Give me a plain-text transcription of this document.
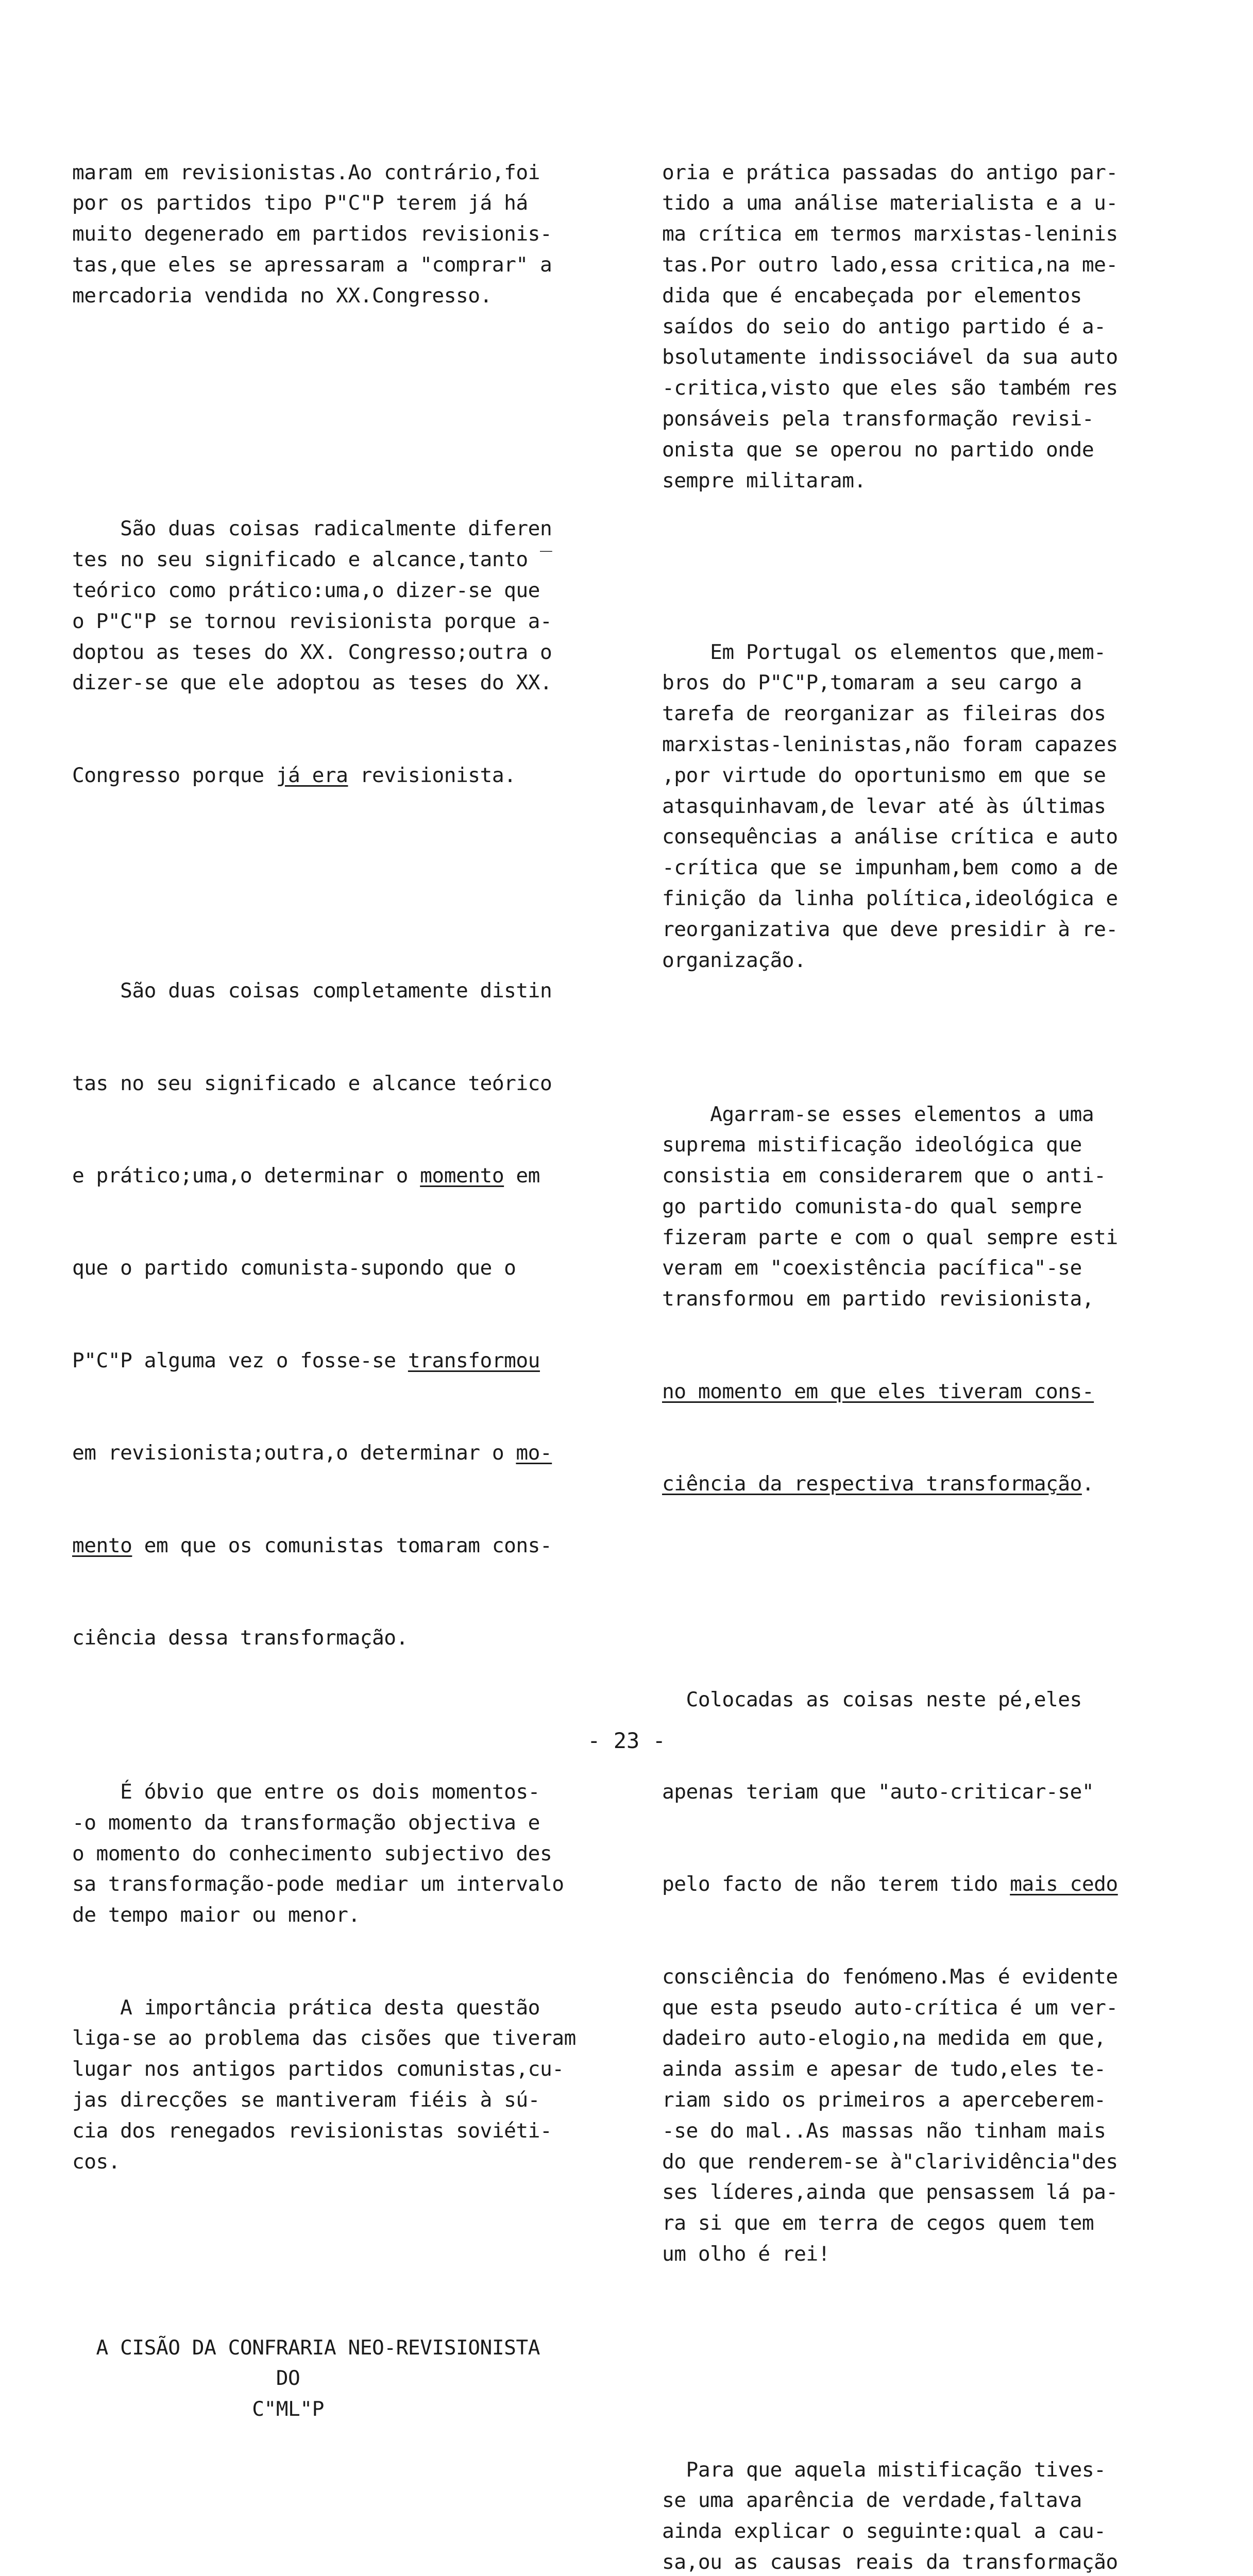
maram em revisionistas.Ao contrário,foi
por os partidos tipo P"C"P terem já há
muito degenerado em partidos revisionis-
tas,que eles se apressaram a "comprar" a
mercadoria vendida no XX.Congresso.

São duas coisas radicalmente diferen
tes no seu significado e alcance,tanto ‾
teórico como prático:uma,o dizer-se que
o P"C"P se tornou revisionista porque a-
doptou as teses do XX. Congresso;outra o
dizer-se que ele adoptou as teses do XX.

Congresso porque já era revisionista.

São duas coisas completamente distin

tas no seu significado e alcance teórico

e prático;uma,o determinar o momento em

que o partido comunista-supondo que o

P"C"P alguma vez o fosse-se transformou

em revisionista;outra,o determinar o mo-

mento em que os comunistas tomaram cons-

ciência dessa transformação.

É óbvio que entre os dois momentos-
-o momento da transformação objectiva e
o momento do conhecimento subjectivo des
sa transformação-pode mediar um intervalo
de tempo maior ou menor.

A importância prática desta questão
liga-se ao problema das cisões que tiveram
lugar nos antigos partidos comunistas,cu-
jas direcções se mantiveram fiéis à sú-
cia dos renegados revisionistas soviéti-
cos.

A CISÃO DA CONFRARIA NEO-REVISIONISTA
DO
C"ML"P

oria e prática passadas do antigo par-
tido a uma análise materialista e a u-
ma crítica em termos marxistas-leninis
tas.Por outro lado,essa critica,na me-
dida que é encabeçada por elementos
saídos do seio do antigo partido é a-
bsolutamente indissociável da sua auto
-critica,visto que eles são também res
ponsáveis pela transformação revisi-
onista que se operou no partido onde
sempre militaram.

Em Portugal os elementos que,mem-
bros do P"C"P,tomaram a seu cargo a
tarefa de reorganizar as fileiras dos
marxistas-leninistas,não foram capazes
,por virtude do oportunismo em que se
atasquinhavam,de levar até às últimas
consequências a análise crítica e auto
-crítica que se impunham,bem como a de
finição da linha política,ideológica e
reorganizativa que deve presidir à re-
organização.

Agarram-se esses elementos a uma
suprema mistificação ideológica que
consistia em considerarem que o anti-
go partido comunista-do qual sempre
fizeram parte e com o qual sempre esti
veram em "coexistência pacífica"-se
transformou em partido revisionista,

no momento em que eles tiveram cons-

ciência da respectiva transformação.

Colocadas as coisas neste pé,eles

apenas teriam que "auto-criticar-se"

pelo facto de não terem tido mais cedo

consciência do fenómeno.Mas é evidente
que esta pseudo auto-crítica é um ver-
dadeiro auto-elogio,na medida em que,
ainda assim e apesar de tudo,eles te-
riam sido os primeiros a aperceberem-
-se do mal..As massas não tinham mais
do que renderem-se à"clarividência"des
ses líderes,ainda que pensassem lá pa-
ra si que em terra de cegos quem tem
um olho é rei!

Para que aquela mistificação tives-
se uma aparência de verdade,faltava
ainda explicar o seguinte:qual a cau-
sa,ou as causas reais da transformação

- 23 -
